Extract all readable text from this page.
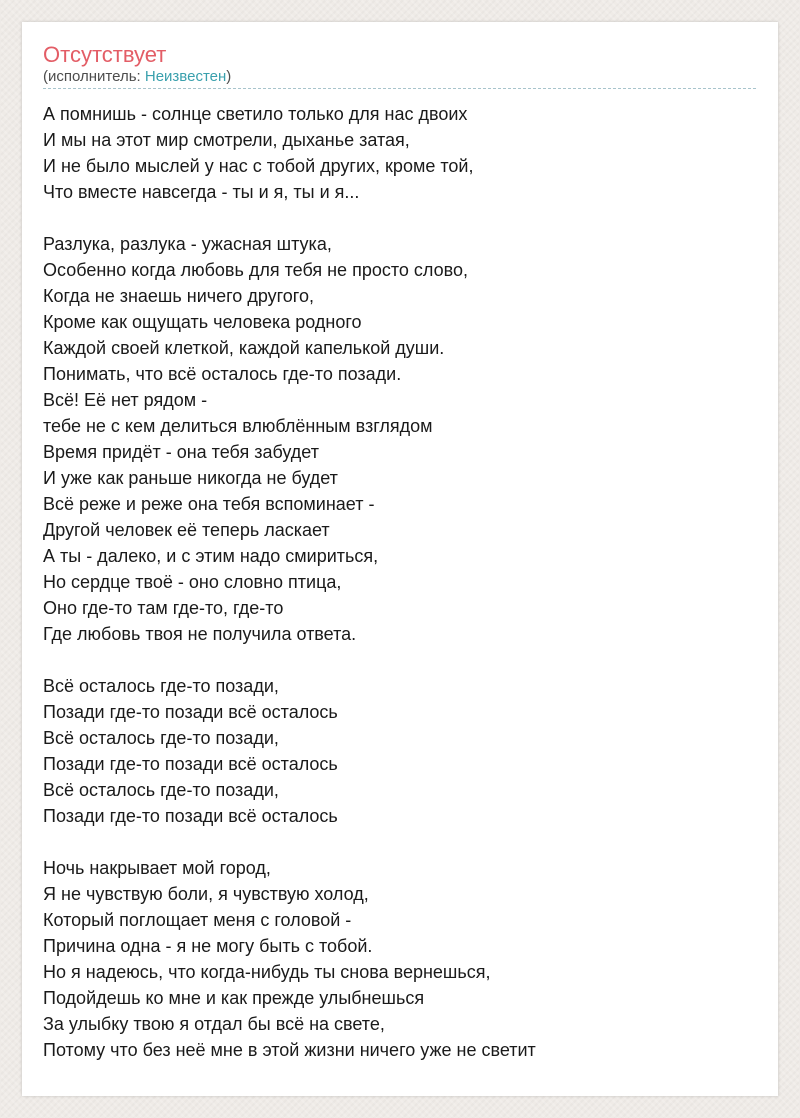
Отсутствует
(исполнитель: Неизвестен)
А помнишь - солнце светило только для нас двоих
И мы на этот мир смотрели, дыханье затая,
И не было мыслей у нас с тобой других, кроме той,
Что вместе навсегда - ты и я, ты и я...
Разлука, разлука - ужасная штука,
Особенно когда любовь для тебя не просто слово,
Когда не знаешь ничего другого,
Кроме как ощущать человека родного
Каждой своей клеткой, каждой капелькой души.
Понимать, что всё осталось где-то позади.
Всё! Её нет рядом -
тебе не с кем делиться влюблённым взглядом
Время придёт - она тебя забудет
И уже как раньше никогда не будет
Всё реже и реже она тебя вспоминает -
Другой человек её теперь ласкает
А ты - далеко, и с этим надо смириться,
Но сердце твоё - оно словно птица,
Оно где-то там где-то, где-то
Где любовь твоя не получила ответа.
Всё осталось где-то позади,
Позади где-то позади всё осталось
Всё осталось где-то позади,
Позади где-то позади всё осталось
Всё осталось где-то позади,
Позади где-то позади всё осталось
Ночь накрывает мой город,
Я не чувствую боли, я чувствую холод,
Который поглощает меня с головой -
Причина одна - я не могу быть с тобой.
Но я надеюсь, что когда-нибудь ты снова вернешься,
Подойдешь ко мне и как прежде улыбнешься
За улыбку твою я отдал бы всё на свете,
Потому что без неё мне в этой жизни ничего уже не светит
